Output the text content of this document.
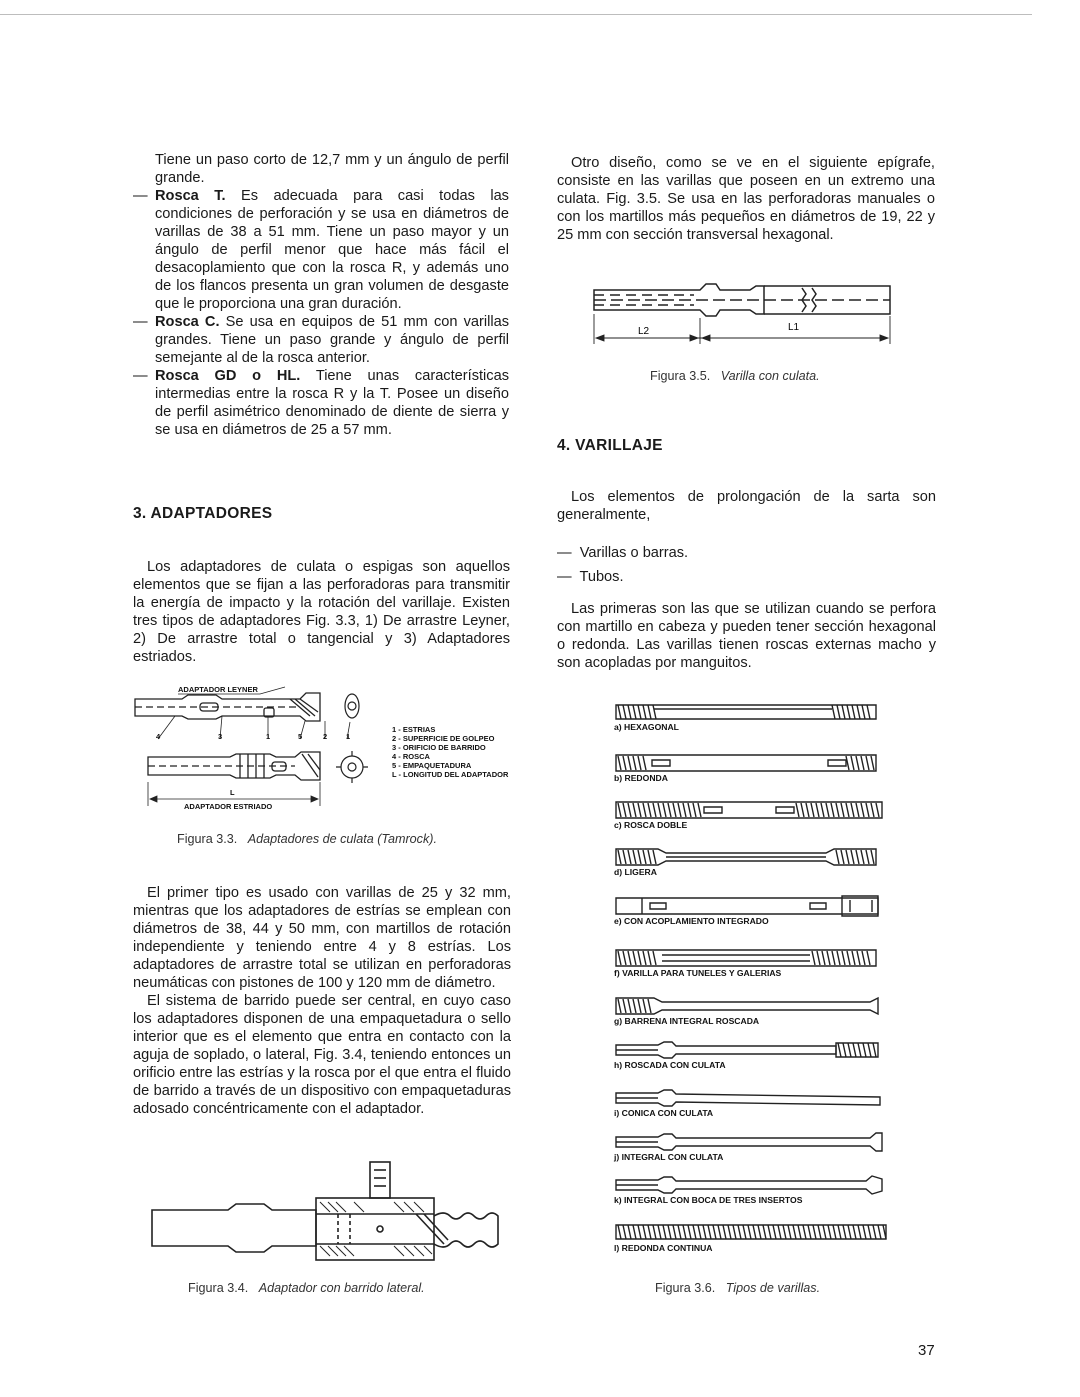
Tiene un paso corto de 12,7 mm y un ángulo de perfil grande.

— Rosca T. Es adecuada para casi todas las condiciones de perforación y se usa en diámetros de varillas de 38 a 51 mm. Tiene un paso mayor y un ángulo de perfil menor que hace más fácil el desacoplamiento que con la rosca R, y además uno de los flancos presenta un gran volumen de desgaste que le proporciona una gran duración.
— Rosca C. Se usa en equipos de 51 mm con varillas grandes. Tiene un paso grande y ángulo de perfil semejante al de la rosca anterior.
— Rosca GD o HL. Tiene unas características intermedias entre la rosca R y la T. Posee un diseño de perfil asimétrico denominado de diente de sierra y se usa en diámetros de 25 a 57 mm.
3. ADAPTADORES

Los adaptadores de culata o espigas son aquellos elementos que se fijan a las perforadoras para transmitir la energía de impacto y la rotación del varillaje. Existen tres tipos de adaptadores Fig. 3.3, 1) De arrastre Leyner, 2) De arrastre total o tangencial y 3) Adaptadores estriados.

ADAPTADOR LEYNER
4	3	1	5	2	1
L
ADAPTADOR ESTRIADO
1 - ESTRIAS
2 - SUPERFICIE DE GOLPEO
3 - ORIFICIO DE BARRIDO
4 - ROSCA
5 - EMPAQUETADURA
L - LONGITUD DEL ADAPTADOR
Figura 3.3. Adaptadores de culata (Tamrock).

El primer tipo es usado con varillas de 25 y 32 mm, mientras que los adaptadores de estrías se emplean con diámetros de 38, 44 y 50 mm, con martillos de rotación independiente y teniendo entre 4 y 8 estrías. Los adaptadores de arrastre total se utilizan en perforadoras neumáticas con pistones de 100 y 120 mm de diámetro.

El sistema de barrido puede ser central, en cuyo caso los adaptadores disponen de una empaquetadura o sello interior que es el elemento que entra en contacto con la aguja de soplado, o lateral, Fig. 3.4, teniendo entonces un orificio entre las estrías y la rosca por el que entra el fluido de barrido a través de un dispositivo con empaquetaduras adosado concéntricamente con el adaptador.

Figura 3.4. Adaptador con barrido lateral.

Otro diseño, como se ve en el siguiente epígrafe, consiste en las varillas que poseen en un extremo una culata. Fig. 3.5. Se usa en las perforadoras manuales o con los martillos más pequeños en diámetros de 19, 22 y 25 mm con sección transversal hexagonal.

L2	L1
Figura 3.5. Varilla con culata.
4. VARILLAJE

Los elementos de prolongación de la sarta son generalmente,

— Varillas o barras.
— Tubos.

Las primeras son las que se utilizan cuando se perfora con martillo en cabeza y pueden tener sección hexagonal o redonda. Las varillas tienen roscas externas macho y son acopladas por manguitos.

a) HEXAGONAL
b) REDONDA
c) ROSCA DOBLE
d) LIGERA
e) CON ACOPLAMIENTO INTEGRADO
f) VARILLA PARA TUNELES Y GALERIAS
g) BARRENA INTEGRAL ROSCADA
h) ROSCADA CON CULATA
i) CONICA CON CULATA
j) INTEGRAL CON CULATA
k) INTEGRAL CON BOCA DE TRES INSERTOS
l) REDONDA CONTINUA
Figura 3.6. Tipos de varillas.
37
